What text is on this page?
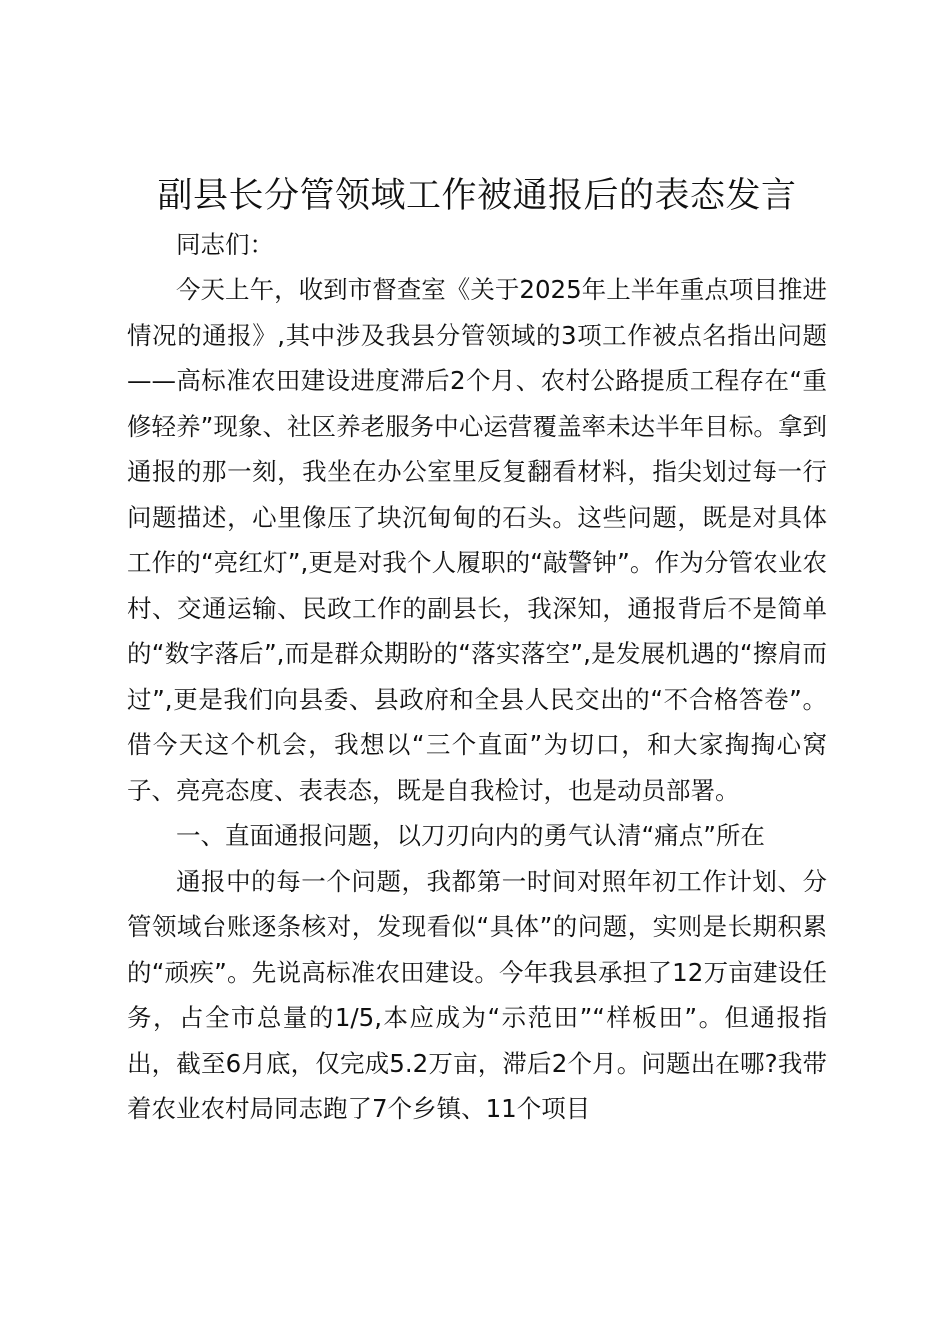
副县长分管领域工作被通报后的表态发言

同志们：

今天上午，收到市督查室《关于2025年上半年重点项目推进情况的通报》,其中涉及我县分管领域的3项工作被点名指出问题——高标准农田建设进度滞后2个月、农村公路提质工程存在“重修轻养”现象、社区养老服务中心运营覆盖率未达半年目标。拿到通报的那一刻，我坐在办公室里反复翻看材料，指尖划过每一行问题描述，心里像压了块沉甸甸的石头。这些问题，既是对具体工作的“亮红灯”,更是对我个人履职的“敲警钟”。作为分管农业农村、交通运输、民政工作的副县长，我深知，通报背后不是简单的“数字落后”,而是群众期盼的“落实落空”,是发展机遇的“擦肩而过”,更是我们向县委、县政府和全县人民交出的“不合格答卷”。借今天这个机会，我想以“三个直面”为切口，和大家掏掏心窝子、亮亮态度、表表态，既是自我检讨，也是动员部署。

一、直面通报问题，以刀刃向内的勇气认清“痛点”所在

通报中的每一个问题，我都第一时间对照年初工作计划、分管领域台账逐条核对，发现看似“具体”的问题，实则是长期积累的“顽疾”。先说高标准农田建设。今年我县承担了12万亩建设任务，占全市总量的1/5,本应成为“示范田”“样板田”。但通报指出，截至6月底，仅完成5.2万亩，滞后2个月。问题出在哪?我带着农业农村局同志跑了7个乡镇、11个项目
